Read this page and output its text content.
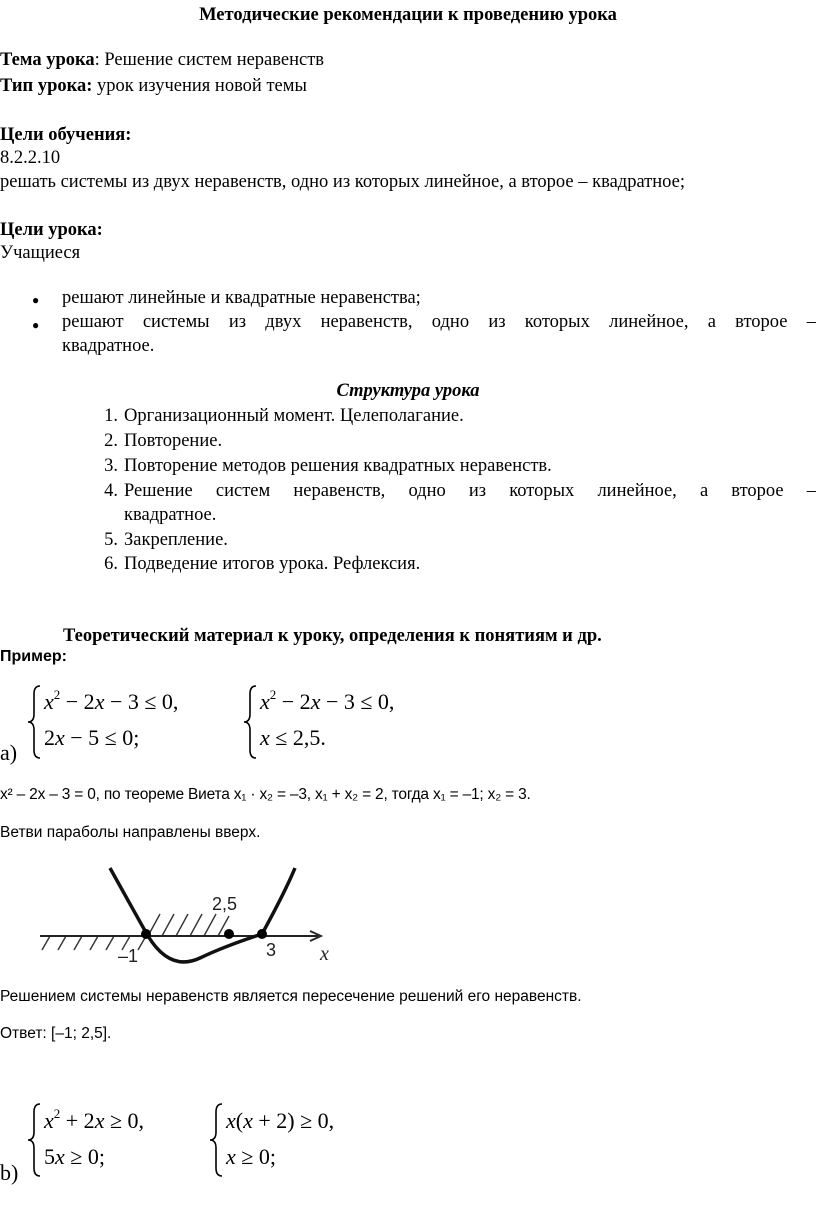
Методические рекомендации к проведению урока
Тема урока: Решение систем неравенств
Тип урока: урок изучения новой темы
Цели обучения:
8.2.2.10
решать системы из двух неравенств, одно из которых линейное, а второе – квадратное;
Цели урока:
Учащиеся
● решают линейные и квадратные неравенства;
● решают системы из двух неравенств, одно из которых линейное, а второе –
квадратное.
Структура урока
1. Организационный момент. Целеполагание.
2. Повторение.
3. Повторение методов решения квадратных неравенств.
4. Решение систем неравенств, одно из которых линейное, а второе –
квадратное.
5. Закрепление.
6. Подведение итогов урока. Рефлексия.
Теоретический материал к уроку, определения к понятиям и др.
Пример:
a)
$x^2 - 2x - 3 \le 0$,
2x − 5 ≤ 0;
$x^2 - 2x - 3 \le 0$,
x ≤ 2,5.
x² – 2x – 3 = 0, по теореме Виета x₁ · x₂ = –3, x₁ + x₂ = 2, тогда x₁ = –1; x₂ = 3.
Ветви параболы направлены вверх.
–1
2,5
3 x
Решением системы неравенств является пересечение решений его неравенств.
Ответ: [–1; 2,5].
b)
$x^2 + 2x \ge 0$,
5x ≥ 0;
x(x + 2) ≥ 0,
x ≥ 0;
